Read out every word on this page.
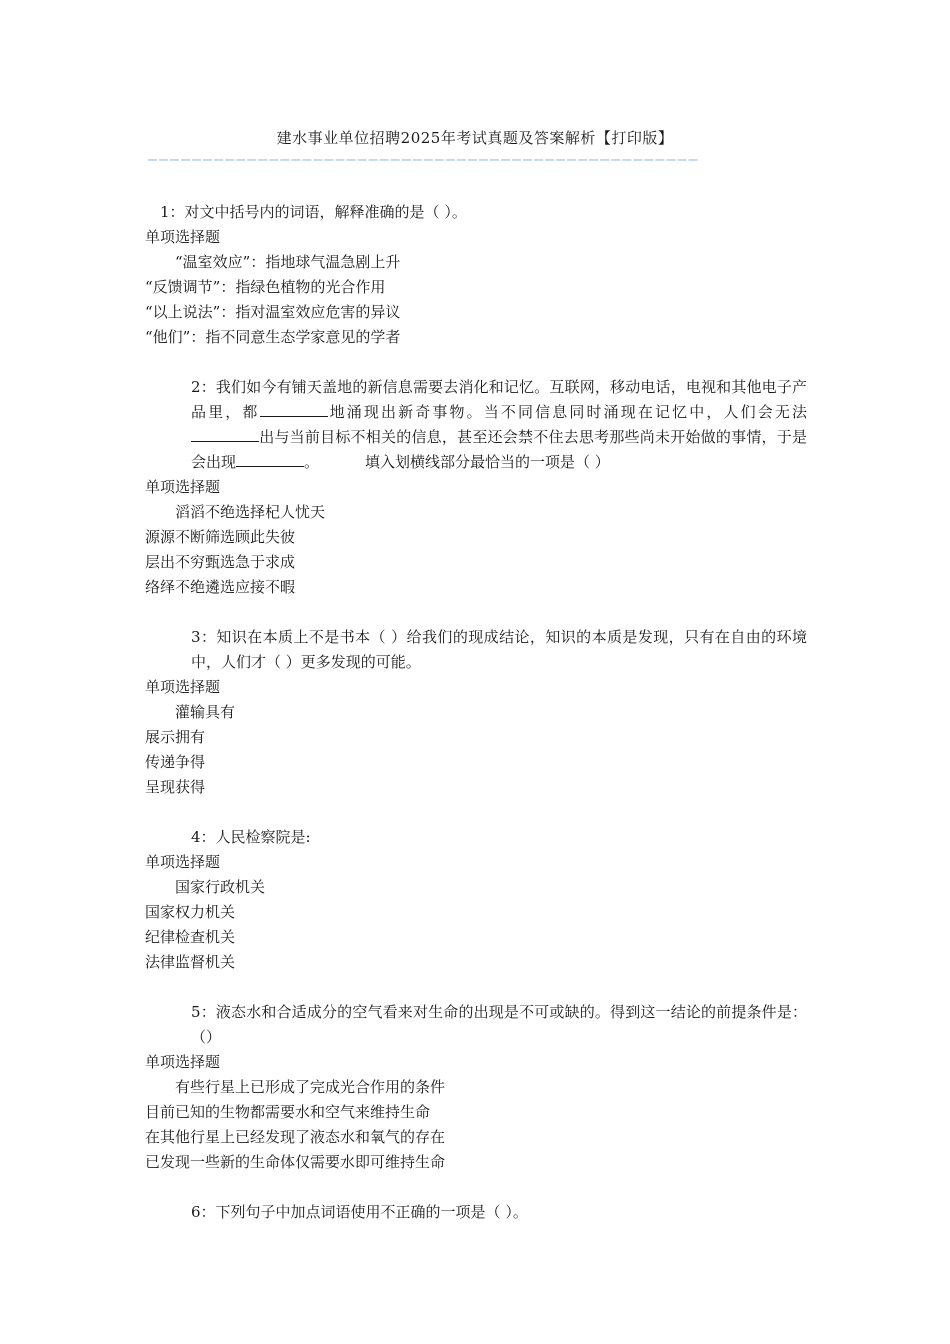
建水事业单位招聘2025年考试真题及答案解析【打印版】
——————————————————————————————————————————————————
1：对文中括号内的词语，解释准确的是（ ）。
单项选择题
“温室效应”：指地球气温急剧上升
“反馈调节”：指绿色植物的光合作用
“以上说法”：指对温室效应危害的异议
“他们”：指不同意生态学家意见的学者
2：我们如今有铺天盖地的新信息需要去消化和记忆。互联网，移动电话，电视和其他电子产品里，都	地涌现出新奇事物。当不同信息同时涌现在记忆中，人们会无法出与当前目标不相关的信息，甚至还会禁不住去思考那些尚未开始做的事情，于是会出现	。	填入划横线部分最恰当的一项是（ ）
单项选择题
滔滔不绝选择杞人忧天
源源不断筛选顾此失彼
层出不穷甄选急于求成
络绎不绝遴选应接不暇
3：知识在本质上不是书本（ ）给我们的现成结论，知识的本质是发现，只有在自由的环境中，人们才（ ）更多发现的可能。
单项选择题
灌输具有
展示拥有
传递争得
呈现获得
4：人民检察院是:
单项选择题
国家行政机关
国家权力机关
纪律检查机关
法律监督机关
5：液态水和合适成分的空气看来对生命的出现是不可或缺的。得到这一结论的前提条件是：（）
单项选择题
有些行星上已形成了完成光合作用的条件
目前已知的生物都需要水和空气来维持生命
在其他行星上已经发现了液态水和氧气的存在
已发现一些新的生命体仅需要水即可维持生命
6：下列句子中加点词语使用不正确的一项是（ ）。
